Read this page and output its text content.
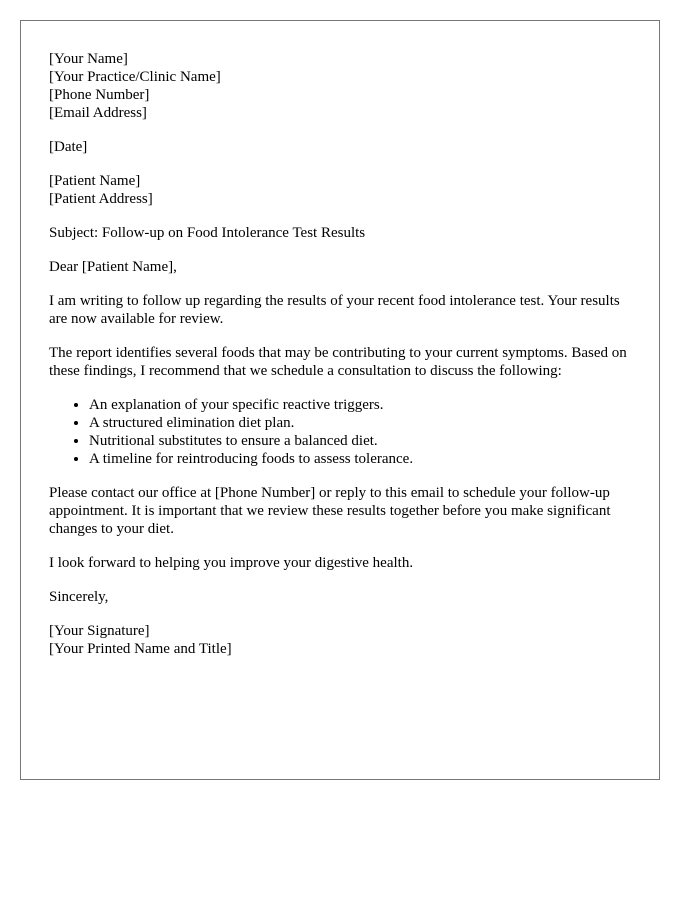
[Your Name]
[Your Practice/Clinic Name]
[Phone Number]
[Email Address]
[Date]
[Patient Name]
[Patient Address]

Subject: Follow-up on Food Intolerance Test Results

Dear [Patient Name],

I am writing to follow up regarding the results of your recent food intolerance test. Your results are now available for review.

The report identifies several foods that may be contributing to your current symptoms. Based on these findings, I recommend that we schedule a consultation to discuss the following:

• An explanation of your specific reactive triggers.
• A structured elimination diet plan.
• Nutritional substitutes to ensure a balanced diet.
• A timeline for reintroducing foods to assess tolerance.

Please contact our office at [Phone Number] or reply to this email to schedule your follow-up appointment. It is important that we review these results together before you make significant changes to your diet.

I look forward to helping you improve your digestive health.

Sincerely,

[Your Signature]
[Your Printed Name and Title]
